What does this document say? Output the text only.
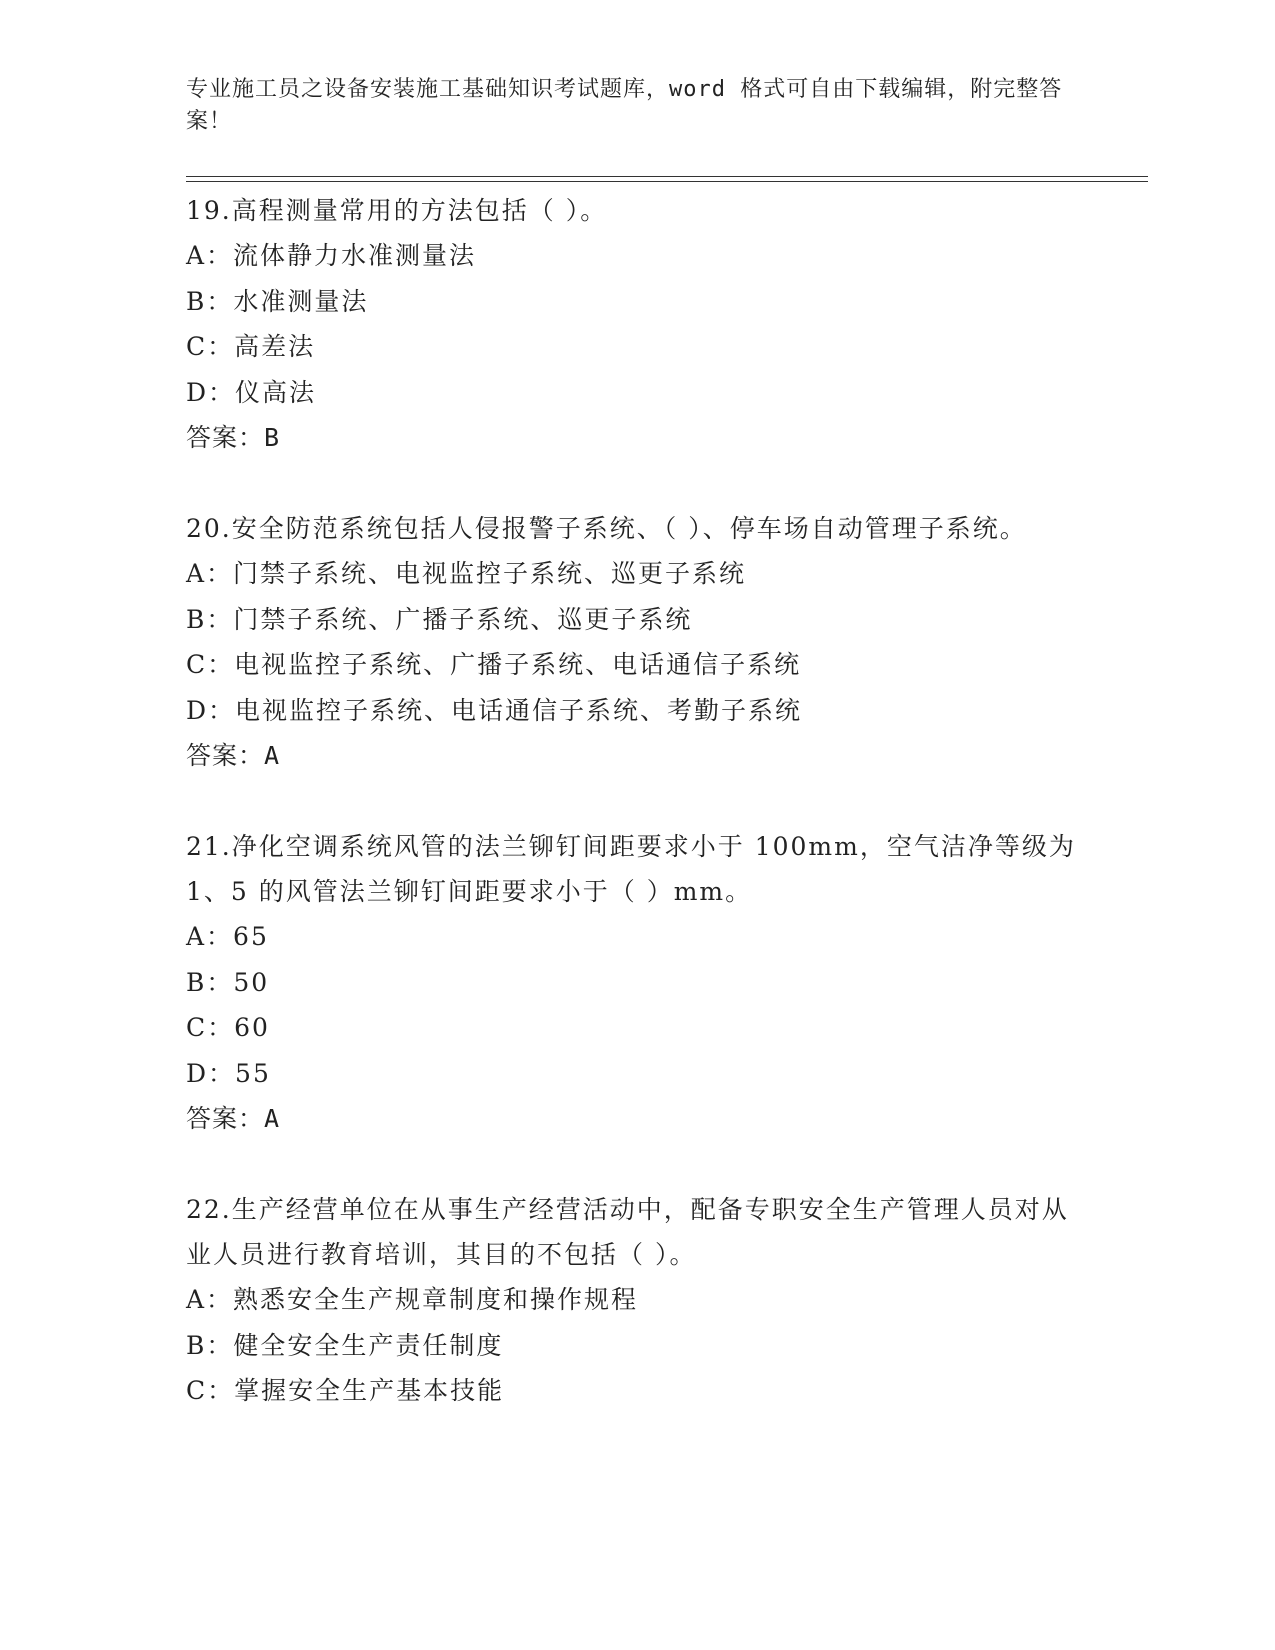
专业施工员之设备安装施工基础知识考试题库，word 格式可自由下载编辑，附完整答案！
19.高程测量常用的方法包括（ ）。
A：流体静力水准测量法
B：水准测量法
C：高差法
D：仪高法
答案：B
20.安全防范系统包括人侵报警子系统、（ ）、停车场自动管理子系统。
A：门禁子系统、电视监控子系统、巡更子系统
B：门禁子系统、广播子系统、巡更子系统
C：电视监控子系统、广播子系统、电话通信子系统
D：电视监控子系统、电话通信子系统、考勤子系统
答案：A
21.净化空调系统风管的法兰铆钉间距要求小于 100mm，空气洁净等级为 1、5 的风管法兰铆钉间距要求小于（ ）mm。
A：65
B：50
C：60
D：55
答案：A
22.生产经营单位在从事生产经营活动中，配备专职安全生产管理人员对从业人员进行教育培训，其目的不包括（ ）。
A：熟悉安全生产规章制度和操作规程
B：健全安全生产责任制度
C：掌握安全生产基本技能
